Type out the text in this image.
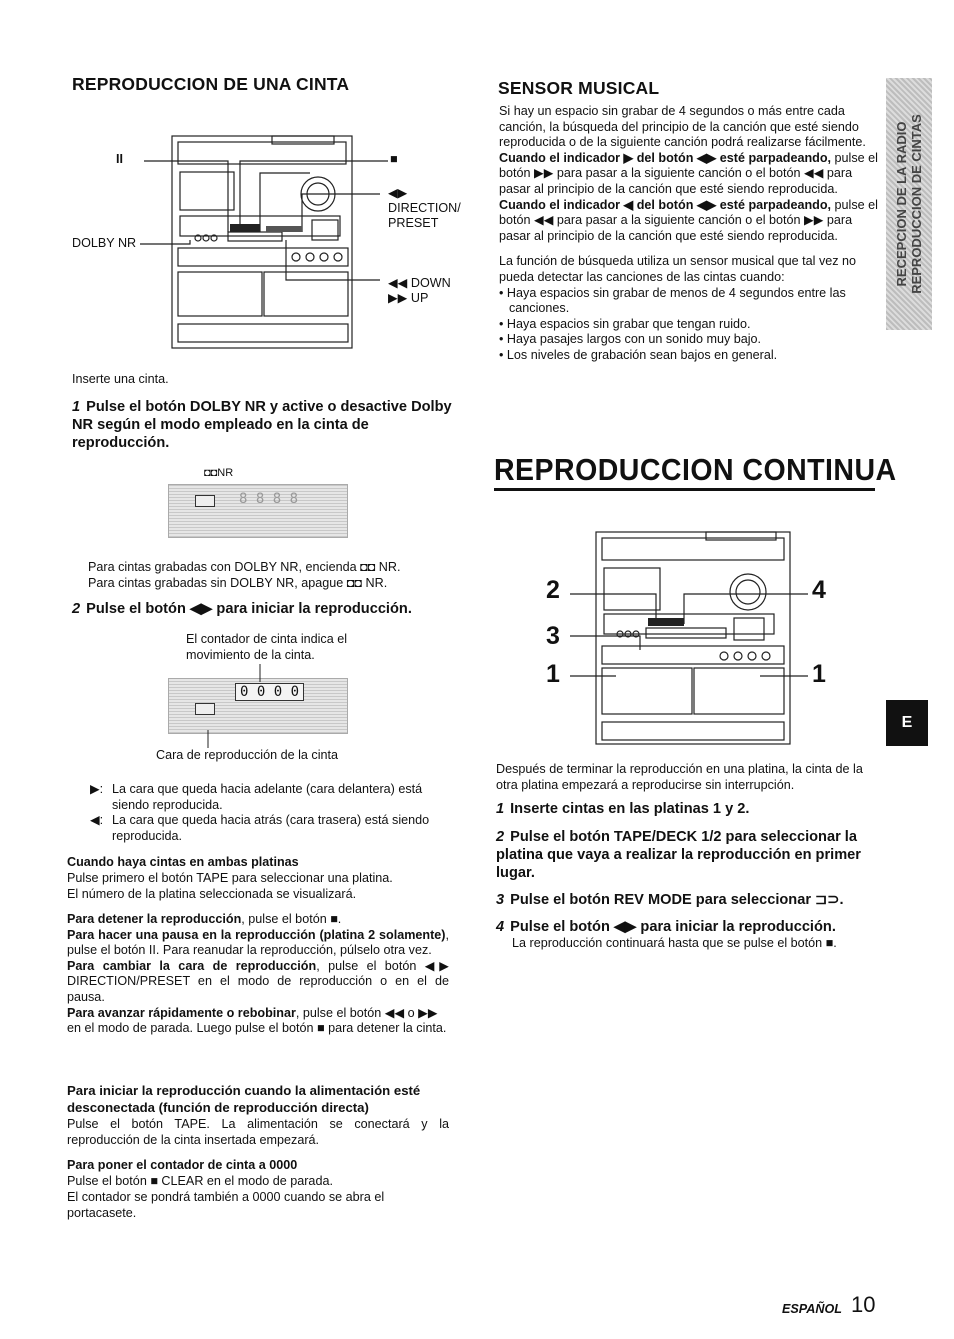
REPRODUCCION DE UNA CINTA
II	■
◀▶
DIRECTION/
PRESET
DOLBY NR
◀◀ DOWN
▶▶ UP
Inserte una cinta.
1 Pulse el botón DOLBY NR y active o desactive Dolby NR según el modo empleado en la cinta de reproducción.
◘◘NR
8 8 8 8
Para cintas grabadas con DOLBY NR, encienda ◘◘ NR.
Para cintas grabadas sin DOLBY NR, apague ◘◘ NR.
2 Pulse el botón ◀▶ para iniciar la reproducción.
El contador de cinta indica el
movimiento de la cinta.
0 0 0 0
Cara de reproducción de la cinta
▶: La cara que queda hacia adelante (cara delantera) está siendo reproducida.
◀: La cara que queda hacia atrás (cara trasera) está siendo reproducida.
Cuando haya cintas en ambas platinas
Pulse primero el botón TAPE para seleccionar una platina.
El número de la platina seleccionada se visualizará.

Para detener la reproducción, pulse el botón ■.

Para hacer una pausa en la reproducción (platina 2 solamente), pulse el botón II. Para reanudar la reproducción, púlselo otra vez.

Para cambiar la cara de reproducción, pulse el botón ◀▶ DIRECTION/PRESET en el modo de reproducción o en el de pausa.

Para avanzar rápidamente o rebobinar, pulse el botón ◀◀ o ▶▶ en el modo de parada. Luego pulse el botón ■ para detener la cinta.

Para iniciar la reproducción cuando la alimentación esté desconectada (función de reproducción directa)
Pulse el botón TAPE. La alimentación se conectará y la reproducción de la cinta insertada empezará.
Para poner el contador de cinta a 0000
Pulse el botón ■ CLEAR en el modo de parada.
El contador se pondrá también a 0000 cuando se abra el portacasete.
SENSOR MUSICAL

Si hay un espacio sin grabar de 4 segundos o más entre cada canción, la búsqueda del principio de la canción que esté siendo reproducida o de la siguiente canción podrá realizarse fácilmente.

Cuando el indicador ▶ del botón ◀▶ esté parpadeando, pulse el botón ▶▶ para pasar a la siguiente canción o el botón ◀◀ para pasar al principio de la canción que esté siendo reproducida.

Cuando el indicador ◀ del botón ◀▶ esté parpadeando, pulse el botón ◀◀ para pasar a la siguiente canción o el botón ▶▶ para pasar al principio de la canción que esté siendo reproducida.

La función de búsqueda utiliza un sensor musical que tal vez no pueda detectar las canciones de las cintas cuando:

• Haya espacios sin grabar de menos de 4 segundos entre las canciones.
• Haya espacios sin grabar que tengan ruido.
• Haya pasajes largos con un sonido muy bajo.
• Los niveles de grabación sean bajos en general.
RECEPCION DE LA RADIO REPRODUCCION DE CINTAS
REPRODUCCION CONTINUA
2
3
1
4
1
Después de terminar la reproducción en una platina, la cinta de la otra platina empezará a reproducirse sin interrupción.
1 Inserte cintas en las platinas 1 y 2.
2 Pulse el botón TAPE/DECK 1/2 para seleccionar la platina que vaya a realizar la reproducción en primer lugar.
3 Pulse el botón REV MODE para seleccionar ⊐⊃.
4 Pulse el botón ◀▶ para iniciar la reproducción.
La reproducción continuará hasta que se pulse el botón ■.
E
ESPAÑOL 10
